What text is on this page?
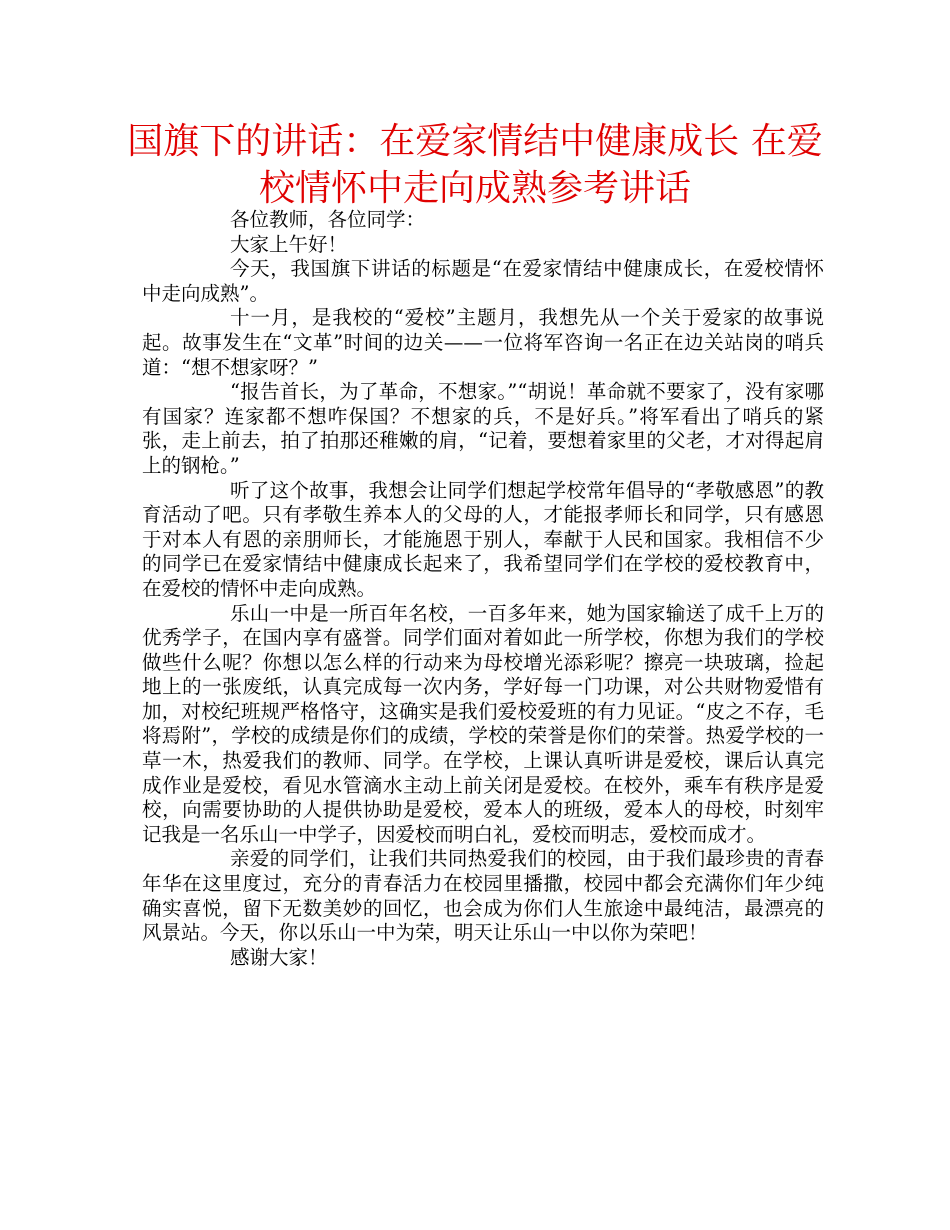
国旗下的讲话：在爱家情结中健康成长 在爱校情怀中走向成熟参考讲话

各位教师，各位同学：

大家上午好！

今天，我国旗下讲话的标题是“在爱家情结中健康成长，在爱校情怀中走向成熟”。

十一月，是我校的“爱校”主题月，我想先从一个关于爱家的故事说起。故事发生在“文革”时间的边关——一位将军咨询一名正在边关站岗的哨兵道：“想不想家呀？”

“报告首长，为了革命，不想家。”“胡说！革命就不要家了，没有家哪有国家？连家都不想咋保国？不想家的兵，不是好兵。”将军看出了哨兵的紧张，走上前去，拍了拍那还稚嫩的肩，“记着，要想着家里的父老，才对得起肩上的钢枪。”

听了这个故事，我想会让同学们想起学校常年倡导的“孝敬感恩”的教育活动了吧。只有孝敬生养本人的父母的人，才能报孝师长和同学，只有感恩于对本人有恩的亲朋师长，才能施恩于别人，奉献于人民和国家。我相信不少的同学已在爱家情结中健康成长起来了，我希望同学们在学校的爱校教育中，在爱校的情怀中走向成熟。

乐山一中是一所百年名校，一百多年来，她为国家输送了成千上万的优秀学子，在国内享有盛誉。同学们面对着如此一所学校，你想为我们的学校做些什么呢？你想以怎么样的行动来为母校增光添彩呢？擦亮一块玻璃，捡起地上的一张废纸，认真完成每一次内务，学好每一门功课，对公共财物爱惜有加，对校纪班规严格恪守，这确实是我们爱校爱班的有力见证。“皮之不存，毛将焉附”，学校的成绩是你们的成绩，学校的荣誉是你们的荣誉。热爱学校的一草一木，热爱我们的教师、同学。在学校，上课认真听讲是爱校，课后认真完成作业是爱校，看见水管滴水主动上前关闭是爱校。在校外，乘车有秩序是爱校，向需要协助的人提供协助是爱校，爱本人的班级，爱本人的母校，时刻牢记我是一名乐山一中学子，因爱校而明白礼，爱校而明志，爱校而成才。

亲爱的同学们，让我们共同热爱我们的校园，由于我们最珍贵的青春年华在这里度过，充分的青春活力在校园里播撒，校园中都会充满你们年少纯确实喜悦，留下无数美妙的回忆，也会成为你们人生旅途中最纯洁，最漂亮的风景站。今天，你以乐山一中为荣，明天让乐山一中以你为荣吧！

感谢大家！
